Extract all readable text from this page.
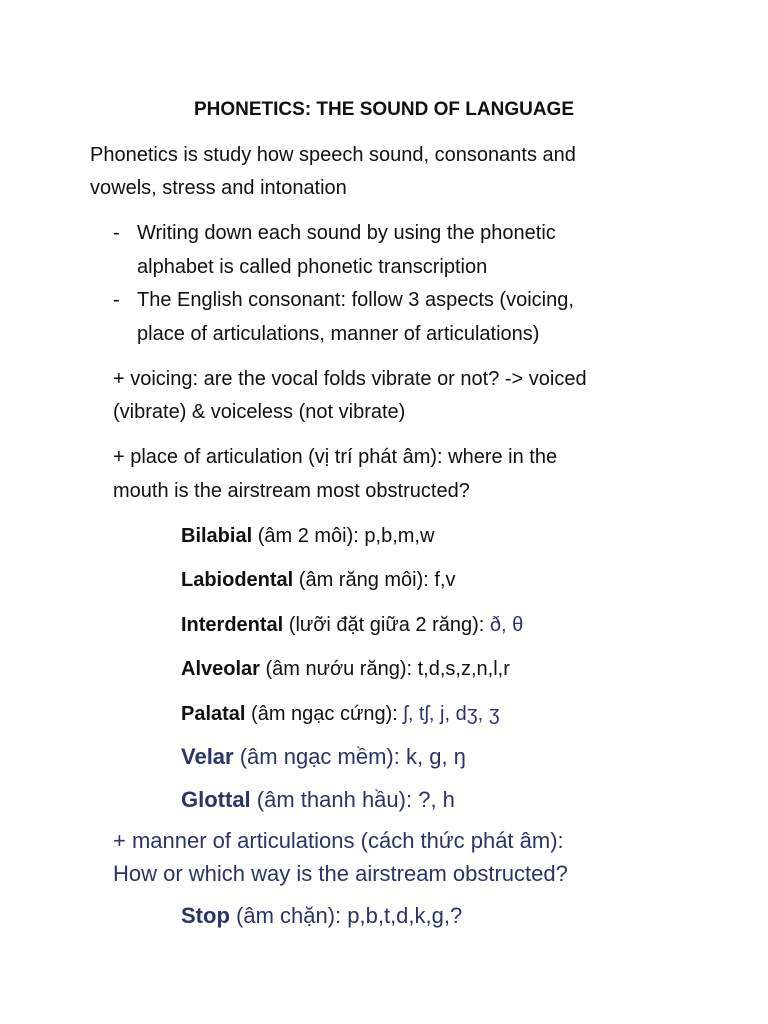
PHONETICS: THE SOUND OF LANGUAGE
Phonetics is study how speech sound, consonants and
vowels, stress and intonation
- Writing down each sound by using the phonetic
alphabet is called phonetic transcription
- The English consonant: follow 3 aspects (voicing,
place of articulations, manner of articulations)
+ voicing: are the vocal folds vibrate or not? -> voiced
(vibrate) & voiceless (not vibrate)
+ place of articulation (vị trí phát âm): where in the
mouth is the airstream most obstructed?
Bilabial (âm 2 môi): p,b,m,w
Labiodental (âm răng môi): f,v
Interdental (lưỡi đặt giữa 2 răng): ð, θ
Alveolar (âm nướu răng): t,d,s,z,n,l,r
Palatal (âm ngạc cứng): ʃ, tʃ, j, dʒ, ʒ
Velar (âm ngạc mềm): k, g, ŋ
Glottal (âm thanh hầu): ?, h
+ manner of articulations (cách thức phát âm):
How or which way is the airstream obstructed?
Stop (âm chặn): p,b,t,d,k,g,?
